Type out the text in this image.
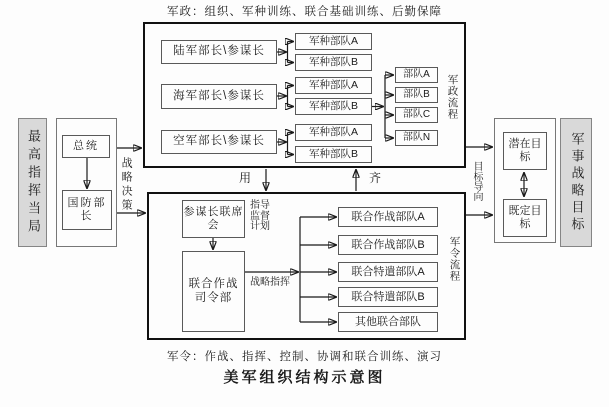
军政：组织、军种训练、联合基础训练、后勤保障
军令：作战、指挥、控制、协调和联合训练、演习
美军组织结构示意图
最高指挥当局	总统
国防部长
战略决策
陆军部长\参谋长
海军部长\参谋长
空军部长\参谋长
军种部队A
军种部队B
军种部队A
军种部队B
军种部队A
军种部队B
部队A
部队B
部队C
部队N
军政流程
用	齐
参谋长联席会
指导监督计划
联合作战司令部
战略指挥
联合作战部队A
联合作战部队B
联合特遣部队A
联合特遣部队B
其他联合部队
军令流程
目标导向
潜在目标
既定目标	军事战略目标
